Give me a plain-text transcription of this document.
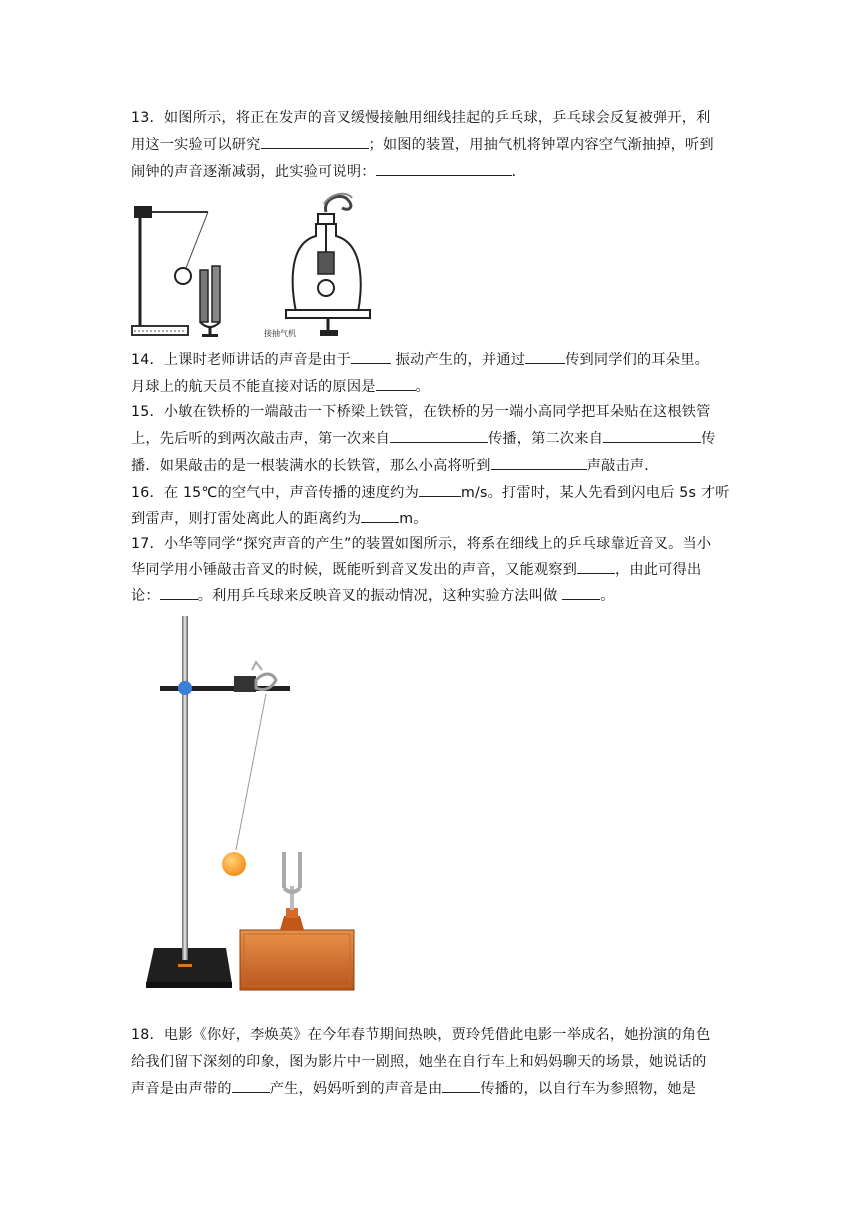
13．如图所示，将正在发声的音叉缓慢接触用细线挂起的乒乓球，乒乓球会反复被弹开，利
用这一实验可以研究	；如图的装置，用抽气机将钟罩内容空气渐抽掉，听到
闹钟的声音逐渐减弱，此实验可说明：	．
接抽气机
14．上课时老师讲话的声音是由于	振动产生的，并通过	传到同学们的耳朵里。
月球上的航天员不能直接对话的原因是	。
15．小敏在铁桥的一端敲击一下桥梁上铁管，在铁桥的另一端小高同学把耳朵贴在这根铁管
上，先后听的到两次敲击声，第一次来自	传播，第二次来自	传
播．如果敲击的是一根装满水的长铁管，那么小高将听到	声敲击声．
16．在 15℃的空气中，声音传播的速度约为	m/s。打雷时，某人先看到闪电后 5s 才听
到雷声，则打雷处离此人的距离约为	m。
17．小华等同学“探究声音的产生”的装置如图所示，将系在细线上的乒乓球靠近音叉。当小
华同学用小锤敲击音叉的时候，既能听到音叉发出的声音，又能观察到	，由此可得出
论：	。利用乒乓球来反映音叉的振动情况，这种实验方法叫做	。
18．电影《你好，李焕英》在今年春节期间热映，贾玲凭借此电影一举成名，她扮演的角色
给我们留下深刻的印象，图为影片中一剧照，她坐在自行车上和妈妈聊天的场景，她说话的
声音是由声带的	产生，妈妈听到的声音是由	传播的，以自行车为参照物，她是
